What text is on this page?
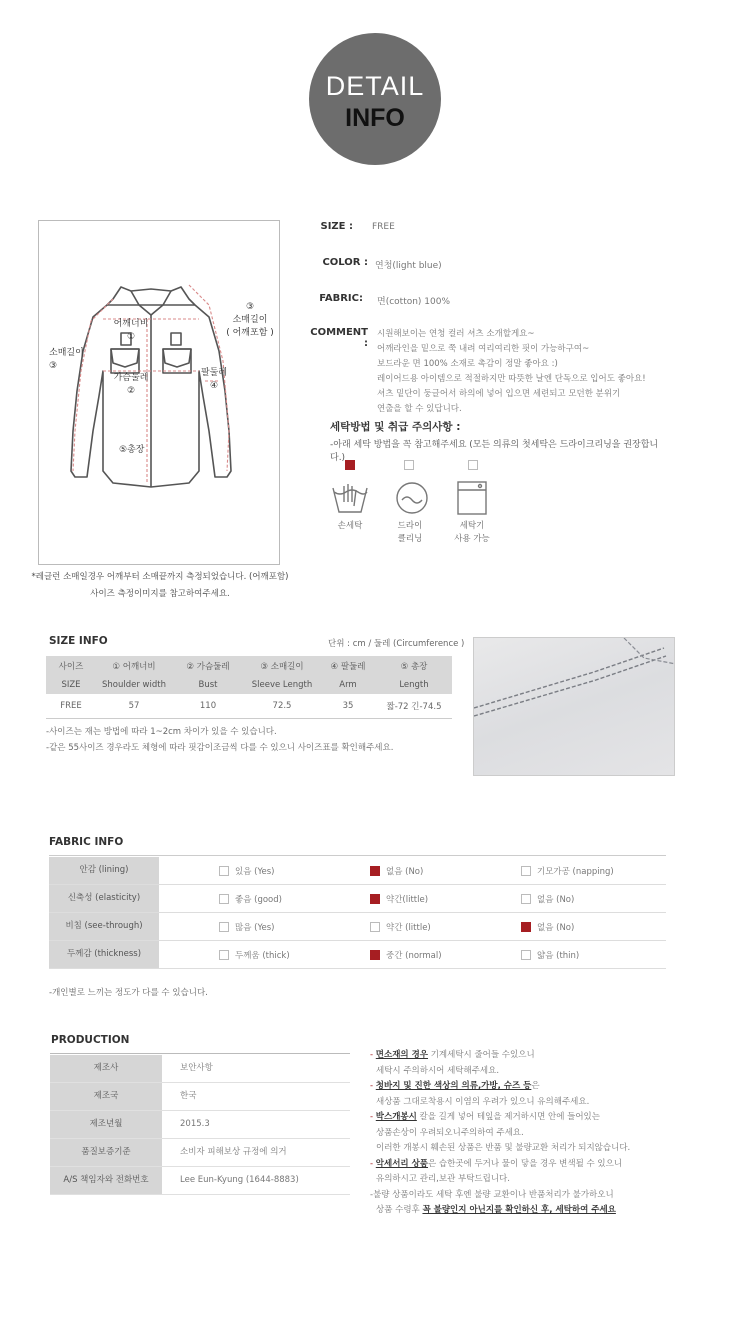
DETAIL
INFO
어깨너비
①
소매길이
③
③
소매길이
( 어깨포함 )
가슴둘레
②
팔둘레
④
⑤총장
*레글런 소매일경우 어깨부터 소매끝까지 측정되었습니다. (어깨포함)
사이즈 측정이미지를 참고하여주세요.
SIZE : FREE
COLOR : 연청(light blue)
FABRIC: 면(cotton) 100%
COMMENT :
시원해보이는 연청 컬러 셔츠 소개할게요~
어깨라인을 밑으로 쭉 내려 여리여리한 핏이 가능하구여~
보드라운 면 100% 소재로 촉감이 정말 좋아요 :)
레이어드용 아이템으로 적절하지만 따뜻한 날엔 단독으로 입어도 좋아요!
셔츠 밑단이 둥글어서 하의에 넣어 입으면 세련되고 모던한 분위기
연출을 할 수 있답니다.
세탁방법 및 취급 주의사항 :
-아래 세탁 방법을 꼭 참고해주세요 (모든 의류의 첫세탁은 드라이크리닝을 권장합니다.)
손세탁	드라이
클리닝
세탁기
사용 가능
SIZE INFO	단위 : cm / 둘레 (Circumference )
사이즈	① 어깨너비	② 가슴둘레	③ 소매길이	④ 팔둘레	⑤ 총장
SIZE	Shoulder width	Bust	Sleeve Length	Arm	Length
FREE	57	110	72.5	35	짧-72 긴-74.5
-사이즈는 재는 방법에 따라 1~2cm 차이가 있을 수 있습니다.
-같은 55사이즈 경우라도 체형에 따라 핏감이조금씩 다를 수 있으니 사이즈표를 확인해주세요.
FABRIC INFO
안감 (lining)	있음 (Yes)	없음 (No)	기모가공 (napping)
신축성 (elasticity)	좋음 (good)	약간(little)	없음 (No)
비침 (see-through)	많음 (Yes)	약간 (little)	없음 (No)
두께감 (thickness)	두께움 (thick)	중간 (normal)	얇음 (thin)
-개인별로 느끼는 정도가 다를 수 있습니다.
PRODUCTION
제조사	보안사항
제조국	한국
제조년월	2015.3
품질보증기준	소비자 피해보상 규정에 의거
A/S 책임자와 전화번호	Lee Eun-Kyung (1644-8883)
- 면소재의 경우 기계세탁시 줄어들 수있으니
세탁시 주의하시어 세탁해주세요.
- 청바지 및 진한 색상의 의류,가방, 슈즈 등은
새상품 그대로착용시 이염의 우려가 있으니 유의해주세요.
- 박스개봉시 칼을 길게 넣어 테잎을 제거하시면 안에 들어있는
상품손상이 우려되오니주의하여 주세요.
이러한 개봉시 훼손된 상품은 반품 및 불량교환 처리가 되지않습니다.
- 악세서리 상품은 습한곳에 두거나 물이 닿을 경우 변색될 수 있으니
유의하시고 관리,보관 부탁드립니다.
-불량 상품이라도 세탁 후엔 불량 교환이나 반품처리가 불가하오니
상품 수령후 꼭 불량인지 아닌지를 확인하신 후, 세탁하여 주세요
